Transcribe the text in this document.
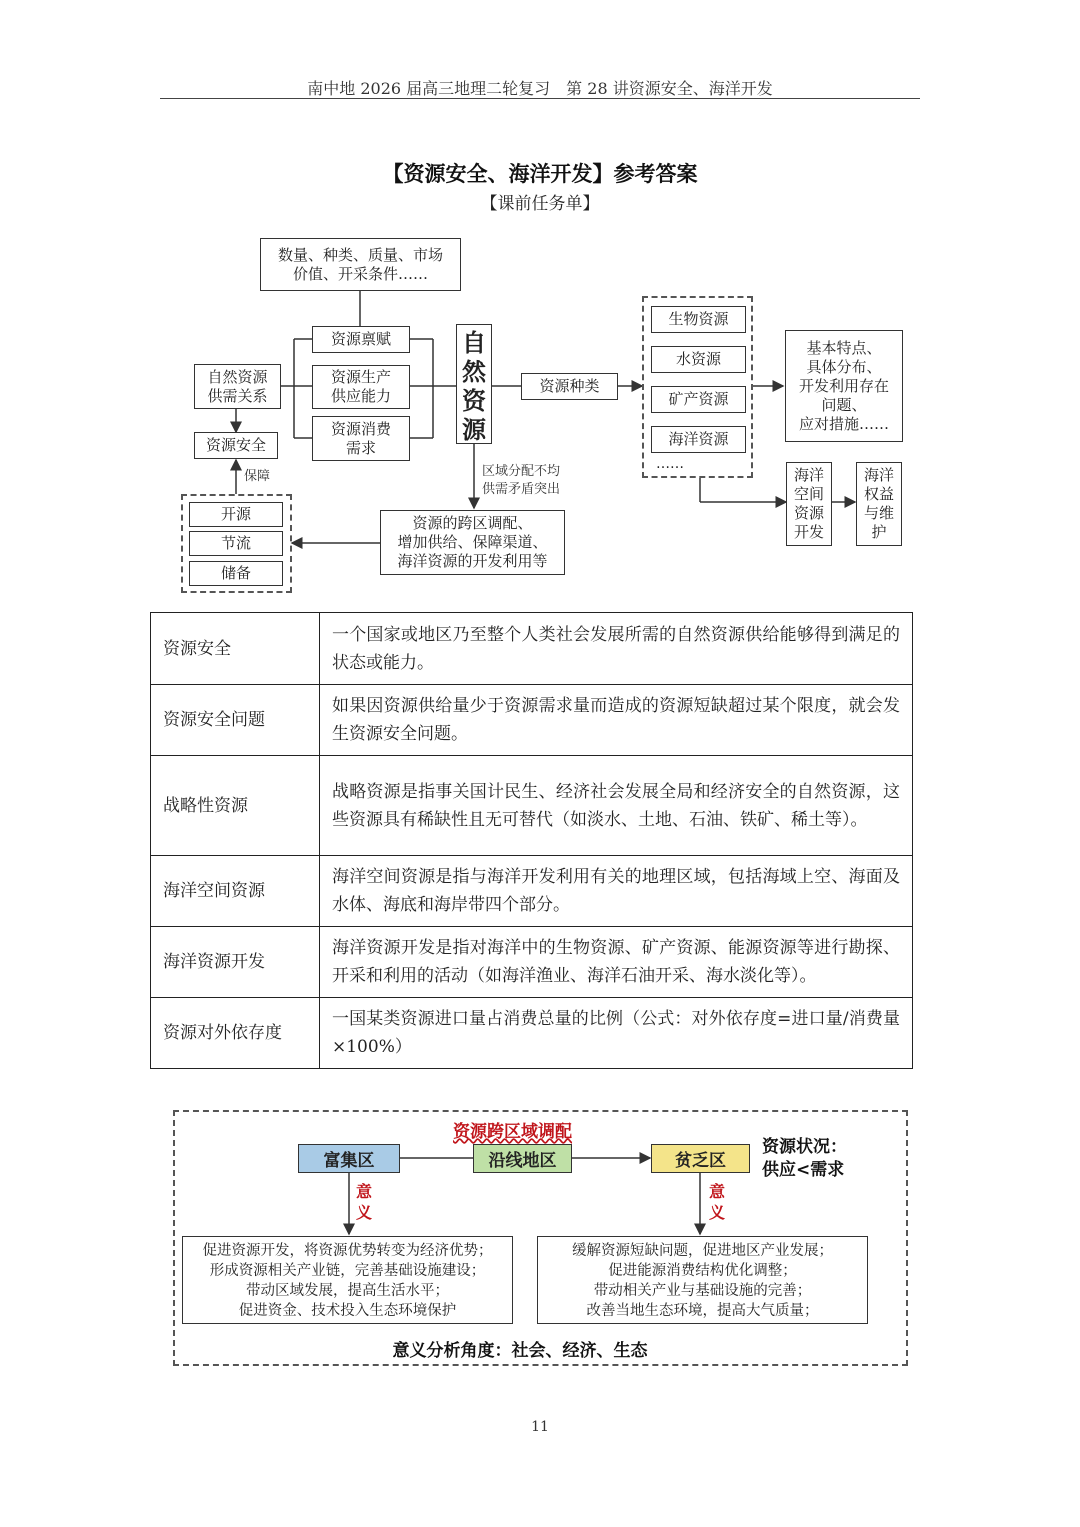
南中地 2026 届高三地理二轮复习　第 28 讲资源安全、海洋开发
【资源安全、海洋开发】参考答案
【课前任务单】
数量、种类、质量、市场
价值、开采条件……
资源禀赋
资源生产
供应能力
资源消费
需求
自然资源
供需关系
资源安全
保障
开源
节流
储备
自
然
资
源
区域分配不均
供需矛盾突出
资源的跨区调配、
增加供给、保障渠道、
海洋资源的开发利用等
资源种类
生物资源
水资源
矿产资源
海洋资源
……
基本特点、
具体分布、
开发利用存在
问题、
应对措施……
海洋
空间
资源
开发
海洋
权益
与维
护
资源安全	一个国家或地区乃至整个人类社会发展所需的自然资源供给能够得到满足的状态或能力。
资源安全问题	如果因资源供给量少于资源需求量而造成的资源短缺超过某个限度，就会发生资源安全问题。
战略性资源	战略资源是指事关国计民生、经济社会发展全局和经济安全的自然资源，这些资源具有稀缺性且无可替代（如淡水、土地、石油、铁矿、稀土等）。
海洋空间资源	海洋空间资源是指与海洋开发利用有关的地理区域，包括海域上空、海面及水体、海底和海岸带四个部分。
海洋资源开发	海洋资源开发是指对海洋中的生物资源、矿产资源、能源资源等进行勘探、开采和利用的活动（如海洋渔业、海洋石油开采、海水淡化等）。
资源对外依存度	一国某类资源进口量占消费总量的比例（公式：对外依存度=进口量/消费量×100%）
资源跨区域调配
富集区	沿线地区	贫乏区
资源状况：
供应<需求
意
义
意
义
促进资源开发，将资源优势转变为经济优势；
形成资源相关产业链，完善基础设施建设；
带动区域发展，提高生活水平；
促进资金、技术投入生态环境保护
缓解资源短缺问题，促进地区产业发展；
促进能源消费结构优化调整；
带动相关产业与基础设施的完善；
改善当地生态环境，提高大气质量；
意义分析角度：社会、经济、生态
11
